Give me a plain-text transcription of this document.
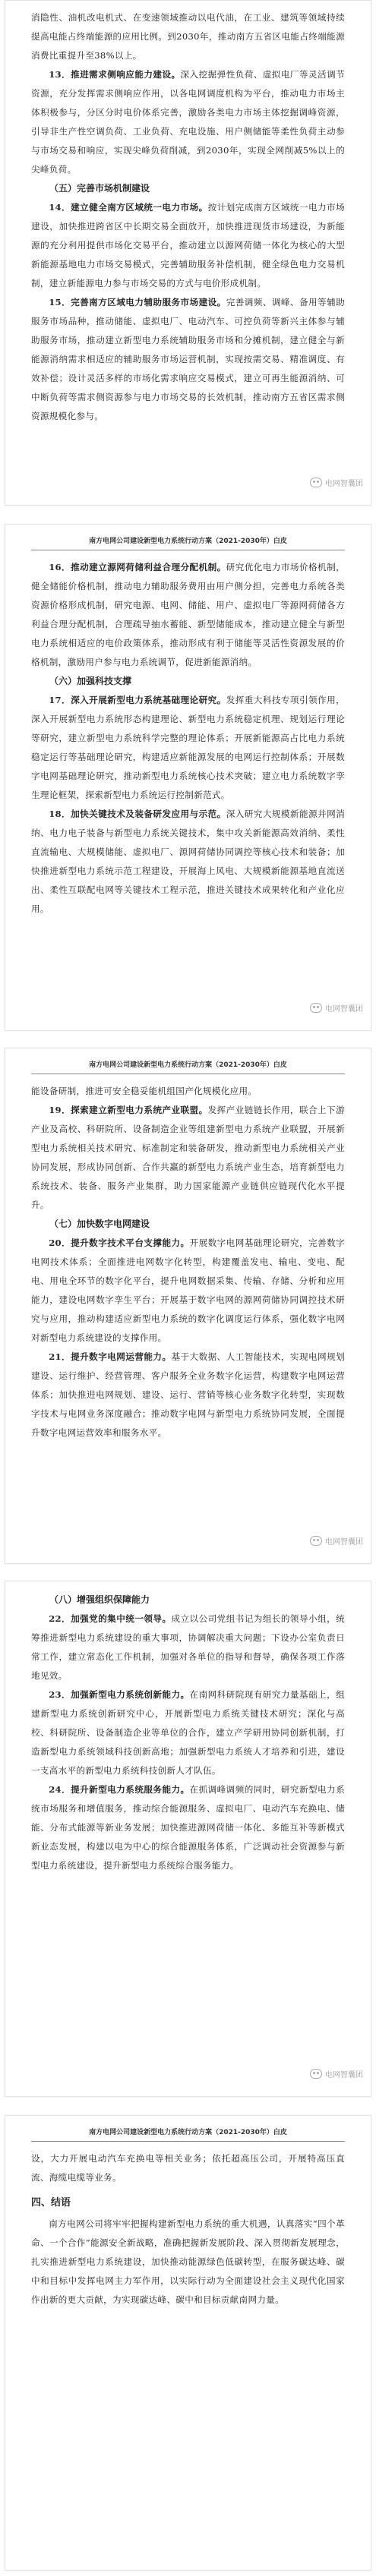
消隐性、油机改电机式、在变速领域推动以电代油，在工业、建筑等领域持续提高电能占终端能源的应用比例。到2030年，推动南方五省区电能占终端能源消费比重提升至38%以上。

13．推进需求侧响应能力建设。深入挖掘弹性负荷、虚拟电厂等灵活调节资源，充分发挥需求侧响应作用，以各电网调度机构为平台，推动电力市场主体积极参与，分区分时电价体系完善，激励各类电力市场主体挖掘调峰资源，引导非生产性空调负荷、工业负荷、充电设施、用户侧储能等柔性负荷主动参与市场交易和响应，实现尖峰负荷削减，到2030年，实现全网削减5%以上的尖峰负荷。

（五）完善市场机制建设

14．建立健全南方区域统一电力市场。按计划完成南方区域统一电力市场建设，加快推进跨省区中长期交易全面放开，加快推进现货市场建设，为新能源的充分利用提供市场化交易平台，推动建立以源网荷储一体化为核心的大型新能源基地电力市场交易模式，完善辅助服务补偿机制，健全绿色电力交易机制，建立新能源电力参与市场交易的方式与电价形成机制。

15．完善南方区域电力辅助服务市场建设。完善调频、调峰、备用等辅助服务市场品种，推动储能、虚拟电厂、电动汽车、可控负荷等新兴主体参与辅助服务市场，推动建立新型电力系统辅助服务市场和分摊机制，建立健全与新能源消纳需求相适应的辅助服务市场运营机制，实现按需交易、精准调度、有效补偿；设计灵活多样的市场化需求响应交易模式，建立可再生能源消纳、可中断负荷等需求侧资源参与电力市场交易的长效机制，推动南方五省区需求侧资源规模化参与。

电网智囊团
南方电网公司建设新型电力系统行动方案（2021-2030年）白皮

16．推动建立源网荷储利益合理分配机制。研究优化电力市场价格机制，健全储能价格机制，推动电力辅助服务费用由用户侧分担，完善电力系统各类资源价格形成机制，研究电源、电网、储能、用户、虚拟电厂等源网荷储各方利益合理分配机制，合理疏导抽水蓄能、新型储能成本，推动建立健全与新型电力系统相适应的电价政策体系，推动形成有利于储能等灵活性资源发展的价格机制，激励用户参与电力系统调节，促进新能源消纳。

（六）加强科技支撑

17．深入开展新型电力系统基础理论研究。发挥重大科技专项引领作用，深入开展新型电力系统形态构建理论、新型电力系统稳定机理、规划运行理论等研究，建立新型电力系统科学完整的理论体系；开展新能源高占比电力系统稳定运行等基础理论研究，构建适应新能源发展的电网运行控制体系；开展数字电网基础理论研究，推动新型电力系统核心技术突破；建立电力系统数字孪生理论框架，探索新型电力系统运行控制新范式。

18．加快关键技术及装备研发应用与示范。深入研究大规模新能源并网消纳、电力电子装备与新型电力系统关键技术，集中攻关新能源高效消纳、柔性直流输电、大规模储能、虚拟电厂、源网荷储协同调控等核心技术和装备；加快推进新型电力系统示范工程建设，开展海上风电、大规模新能源基地直流送出、柔性互联配电网等关键技术工程示范，推进关键技术成果转化和产业化应用。

电网智囊团
南方电网公司建设新型电力系统行动方案（2021-2030年）白皮

能设备研制，推进可安全稳妥能机组国产化规模化应用。

19．探索建立新型电力系统产业联盟。发挥产业链链长作用，联合上下游产业及高校、科研院所、设备制造企业等组建新型电力系统产业联盟，开展新型电力系统相关技术研究、标准制定和装备研发，推动新型电力系统相关产业协同发展，形成协同创新、合作共赢的新型电力系统产业生态，培育新型电力系统技术、装备、服务产业集群，助力国家能源产业链供应链现代化水平提升。

（七）加快数字电网建设

20．提升数字技术平台支撑能力。开展数字电网基础理论研究，完善数字电网技术体系；全面推进电网数字化转型，构建覆盖发电、输电、变电、配电、用电全环节的数字化平台，提升电网数据采集、传输、存储、分析和应用能力，建设电网数字孪生平台；开展基于数字电网的源网荷储协同调控技术研究与应用，推动构建适应新型电力系统的数字化调度运行体系，强化数字电网对新型电力系统建设的支撑作用。

21．提升数字电网运营能力。基于大数据、人工智能技术，实现电网规划建设、运行维护、经营管理、客户服务全业务数字化运营，构建数字电网运营体系；加快推进电网规划、建设、运行、营销等核心业务数字化转型，实现数字技术与电网业务深度融合；推动数字电网与新型电力系统协同发展，全面提升数字电网运营效率和服务水平。

电网智囊团
（八）增强组织保障能力

22．加强党的集中统一领导。成立以公司党组书记为组长的领导小组，统筹推进新型电力系统建设的重大事项，协调解决重大问题；下设办公室负责日常工作，建立常态化工作机制，加强对各单位的指导和督导，确保各项工作落地见效。

23．加强新型电力系统创新能力。在南网科研院现有研究力量基础上，组建新型电力系统创新研究中心，开展新型电力系统关键技术研究；深化与高校、科研院所、设备制造企业等单位的合作，建立产学研用协同创新机制，打造新型电力系统领域科技创新高地；加强新型电力系统人才培养和引进，建设一支高水平的新型电力系统科技创新人才队伍。

24．提升新型电力系统服务能力。在抓调峰调频的同时，研究新型电力系统市场服务和增值服务，推动综合能源服务、虚拟电厂、电动汽车充换电、储能、分布式能源等新业务发展；加快推进源网荷储一体化、多能互补等新模式新业态发展，构建以电为中心的综合能源服务体系，广泛调动社会资源参与新型电力系统建设，提升新型电力系统综合服务能力。

电网智囊团
南方电网公司建设新型电力系统行动方案（2021-2030年）白皮

设，大力开展电动汽车充换电等相关业务；依托超高压公司，开展特高压直流、海缆电缆等业务。

四、结语

南方电网公司将牢牢把握构建新型电力系统的重大机遇，认真落实“四个革命、一个合作”能源安全新战略，准确把握新发展阶段、深入贯彻新发展理念，扎实推进新型电力系统建设，加快推动能源绿色低碳转型，在服务碳达峰、碳中和目标中发挥电网主力军作用，以实际行动为全面建设社会主义现代化国家作出新的更大贡献，为实现碳达峰、碳中和目标贡献南网力量。
